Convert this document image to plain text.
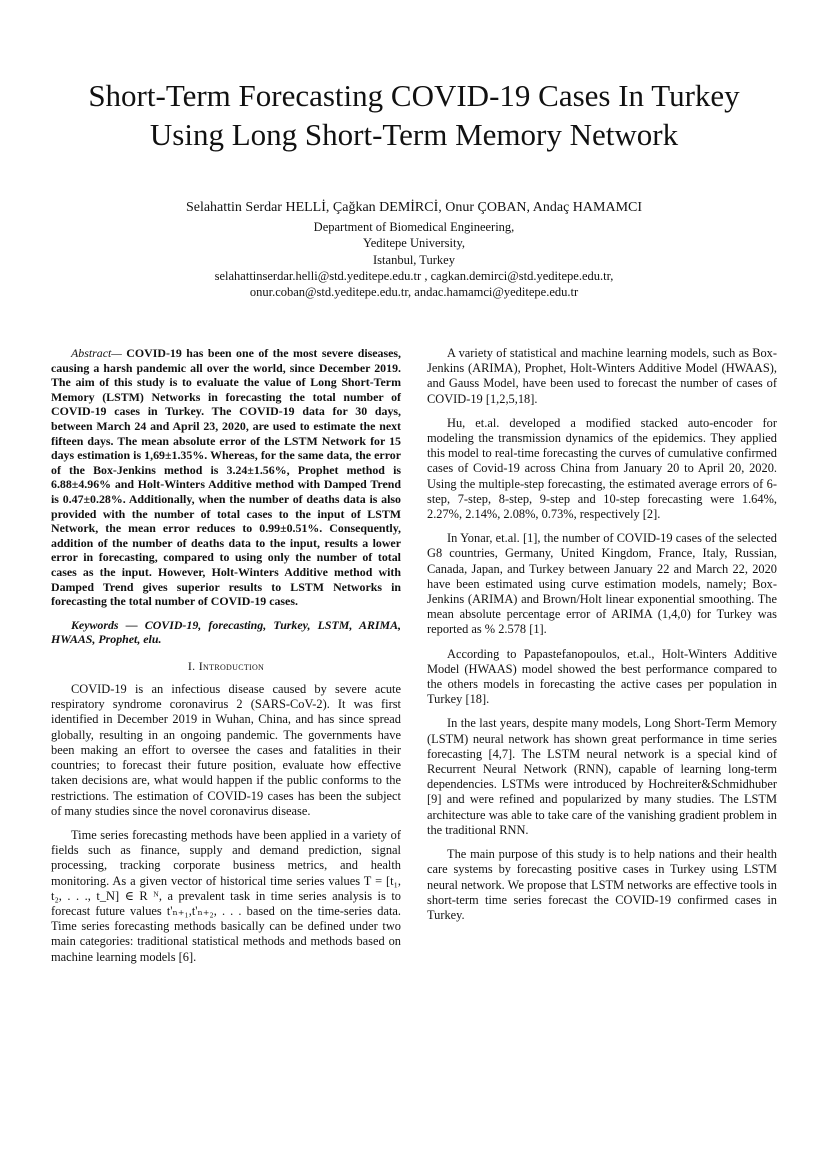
Short-Term Forecasting COVID-19 Cases In Turkey
Using Long Short-Term Memory Network
Selahattin Serdar HELLİ, Çağkan DEMİRCİ, Onur ÇOBAN, Andaç HAMAMCI
Department of Biomedical Engineering,
Yeditepe University,
Istanbul, Turkey
selahattinserdar.helli@std.yeditepe.edu.tr , cagkan.demirci@std.yeditepe.edu.tr,
onur.coban@std.yeditepe.edu.tr, andac.hamamci@yeditepe.edu.tr

Abstract— COVID-19 has been one of the most severe diseases, causing a harsh pandemic all over the world, since December 2019. The aim of this study is to evaluate the value of Long Short-Term Memory (LSTM) Networks in forecasting the total number of COVID-19 cases in Turkey. The COVID-19 data for 30 days, between March 24 and April 23, 2020, are used to estimate the next fifteen days. The mean absolute error of the LSTM Network for 15 days estimation is 1,69±1.35%. Whereas, for the same data, the error of the Box-Jenkins method is 3.24±1.56%, Prophet method is 6.88±4.96% and Holt-Winters Additive method with Damped Trend is 0.47±0.28%. Additionally, when the number of deaths data is also provided with the number of total cases to the input of LSTM Network, the mean error reduces to 0.99±0.51%. Consequently, addition of the number of deaths data to the input, results a lower error in forecasting, compared to using only the number of total cases as the input. However, Holt-Winters Additive method with Damped Trend gives superior results to LSTM Networks in forecasting the total number of COVID-19 cases.

Keywords — COVID-19, forecasting, Turkey, LSTM, ARIMA, HWAAS, Prophet, elu.

I. Introduction

COVID-19 is an infectious disease caused by severe acute respiratory syndrome coronavirus 2 (SARS-CoV-2). It was first identified in December 2019 in Wuhan, China, and has since spread globally, resulting in an ongoing pandemic. The governments have been making an effort to oversee the cases and fatalities in their countries; to forecast their future position, evaluate how effective taken decisions are, what would happen if the public conforms to the restrictions. The estimation of COVID-19 cases has been the subject of many studies since the novel coronavirus disease.

Time series forecasting methods have been applied in a variety of fields such as finance, supply and demand prediction, signal processing, tracking corporate business metrics, and health monitoring. As a given vector of historical time series values T = [t₁, t₂, . . ., t_N] ∈ R ᴺ, a prevalent task in time series analysis is to forecast future values t'ₙ₊₁,t'ₙ₊₂, . . . based on the time-series data. Time series forecasting methods basically can be defined under two main categories: traditional statistical methods and methods based on machine learning models [6].

A variety of statistical and machine learning models, such as Box-Jenkins (ARIMA), Prophet, Holt-Winters Additive Model (HWAAS), and Gauss Model, have been used to forecast the number of cases of COVID-19 [1,2,5,18].

Hu, et.al. developed a modified stacked auto-encoder for modeling the transmission dynamics of the epidemics. They applied this model to real-time forecasting the curves of cumulative confirmed cases of Covid-19 across China from January 20 to April 20, 2020. Using the multiple-step forecasting, the estimated average errors of 6-step, 7-step, 8-step, 9-step and 10-step forecasting were 1.64%, 2.27%, 2.14%, 2.08%, 0.73%, respectively [2].

In Yonar, et.al. [1], the number of COVID-19 cases of the selected G8 countries, Germany, United Kingdom, France, Italy, Russian, Canada, Japan, and Turkey between January 22 and March 22, 2020 have been estimated using curve estimation models, namely; Box-Jenkins (ARIMA) and Brown/Holt linear exponential smoothing. The mean absolute percentage error of ARIMA (1,4,0) for Turkey was reported as % 2.578 [1].

According to Papastefanopoulos, et.al., Holt-Winters Additive Model (HWAAS) model showed the best performance compared to the others models in forecasting the active cases per population in Turkey [18].

In the last years, despite many models, Long Short-Term Memory (LSTM) neural network has shown great performance in time series forecasting [4,7]. The LSTM neural network is a special kind of Recurrent Neural Network (RNN), capable of learning long-term dependencies. LSTMs were introduced by Hochreiter&Schmidhuber [9] and were refined and popularized by many studies. The LSTM architecture was able to take care of the vanishing gradient problem in the traditional RNN.

The main purpose of this study is to help nations and their health care systems by forecasting positive cases in Turkey using LSTM neural network. We propose that LSTM networks are effective tools in short-term time series forecast the COVID-19 confirmed cases in Turkey.
